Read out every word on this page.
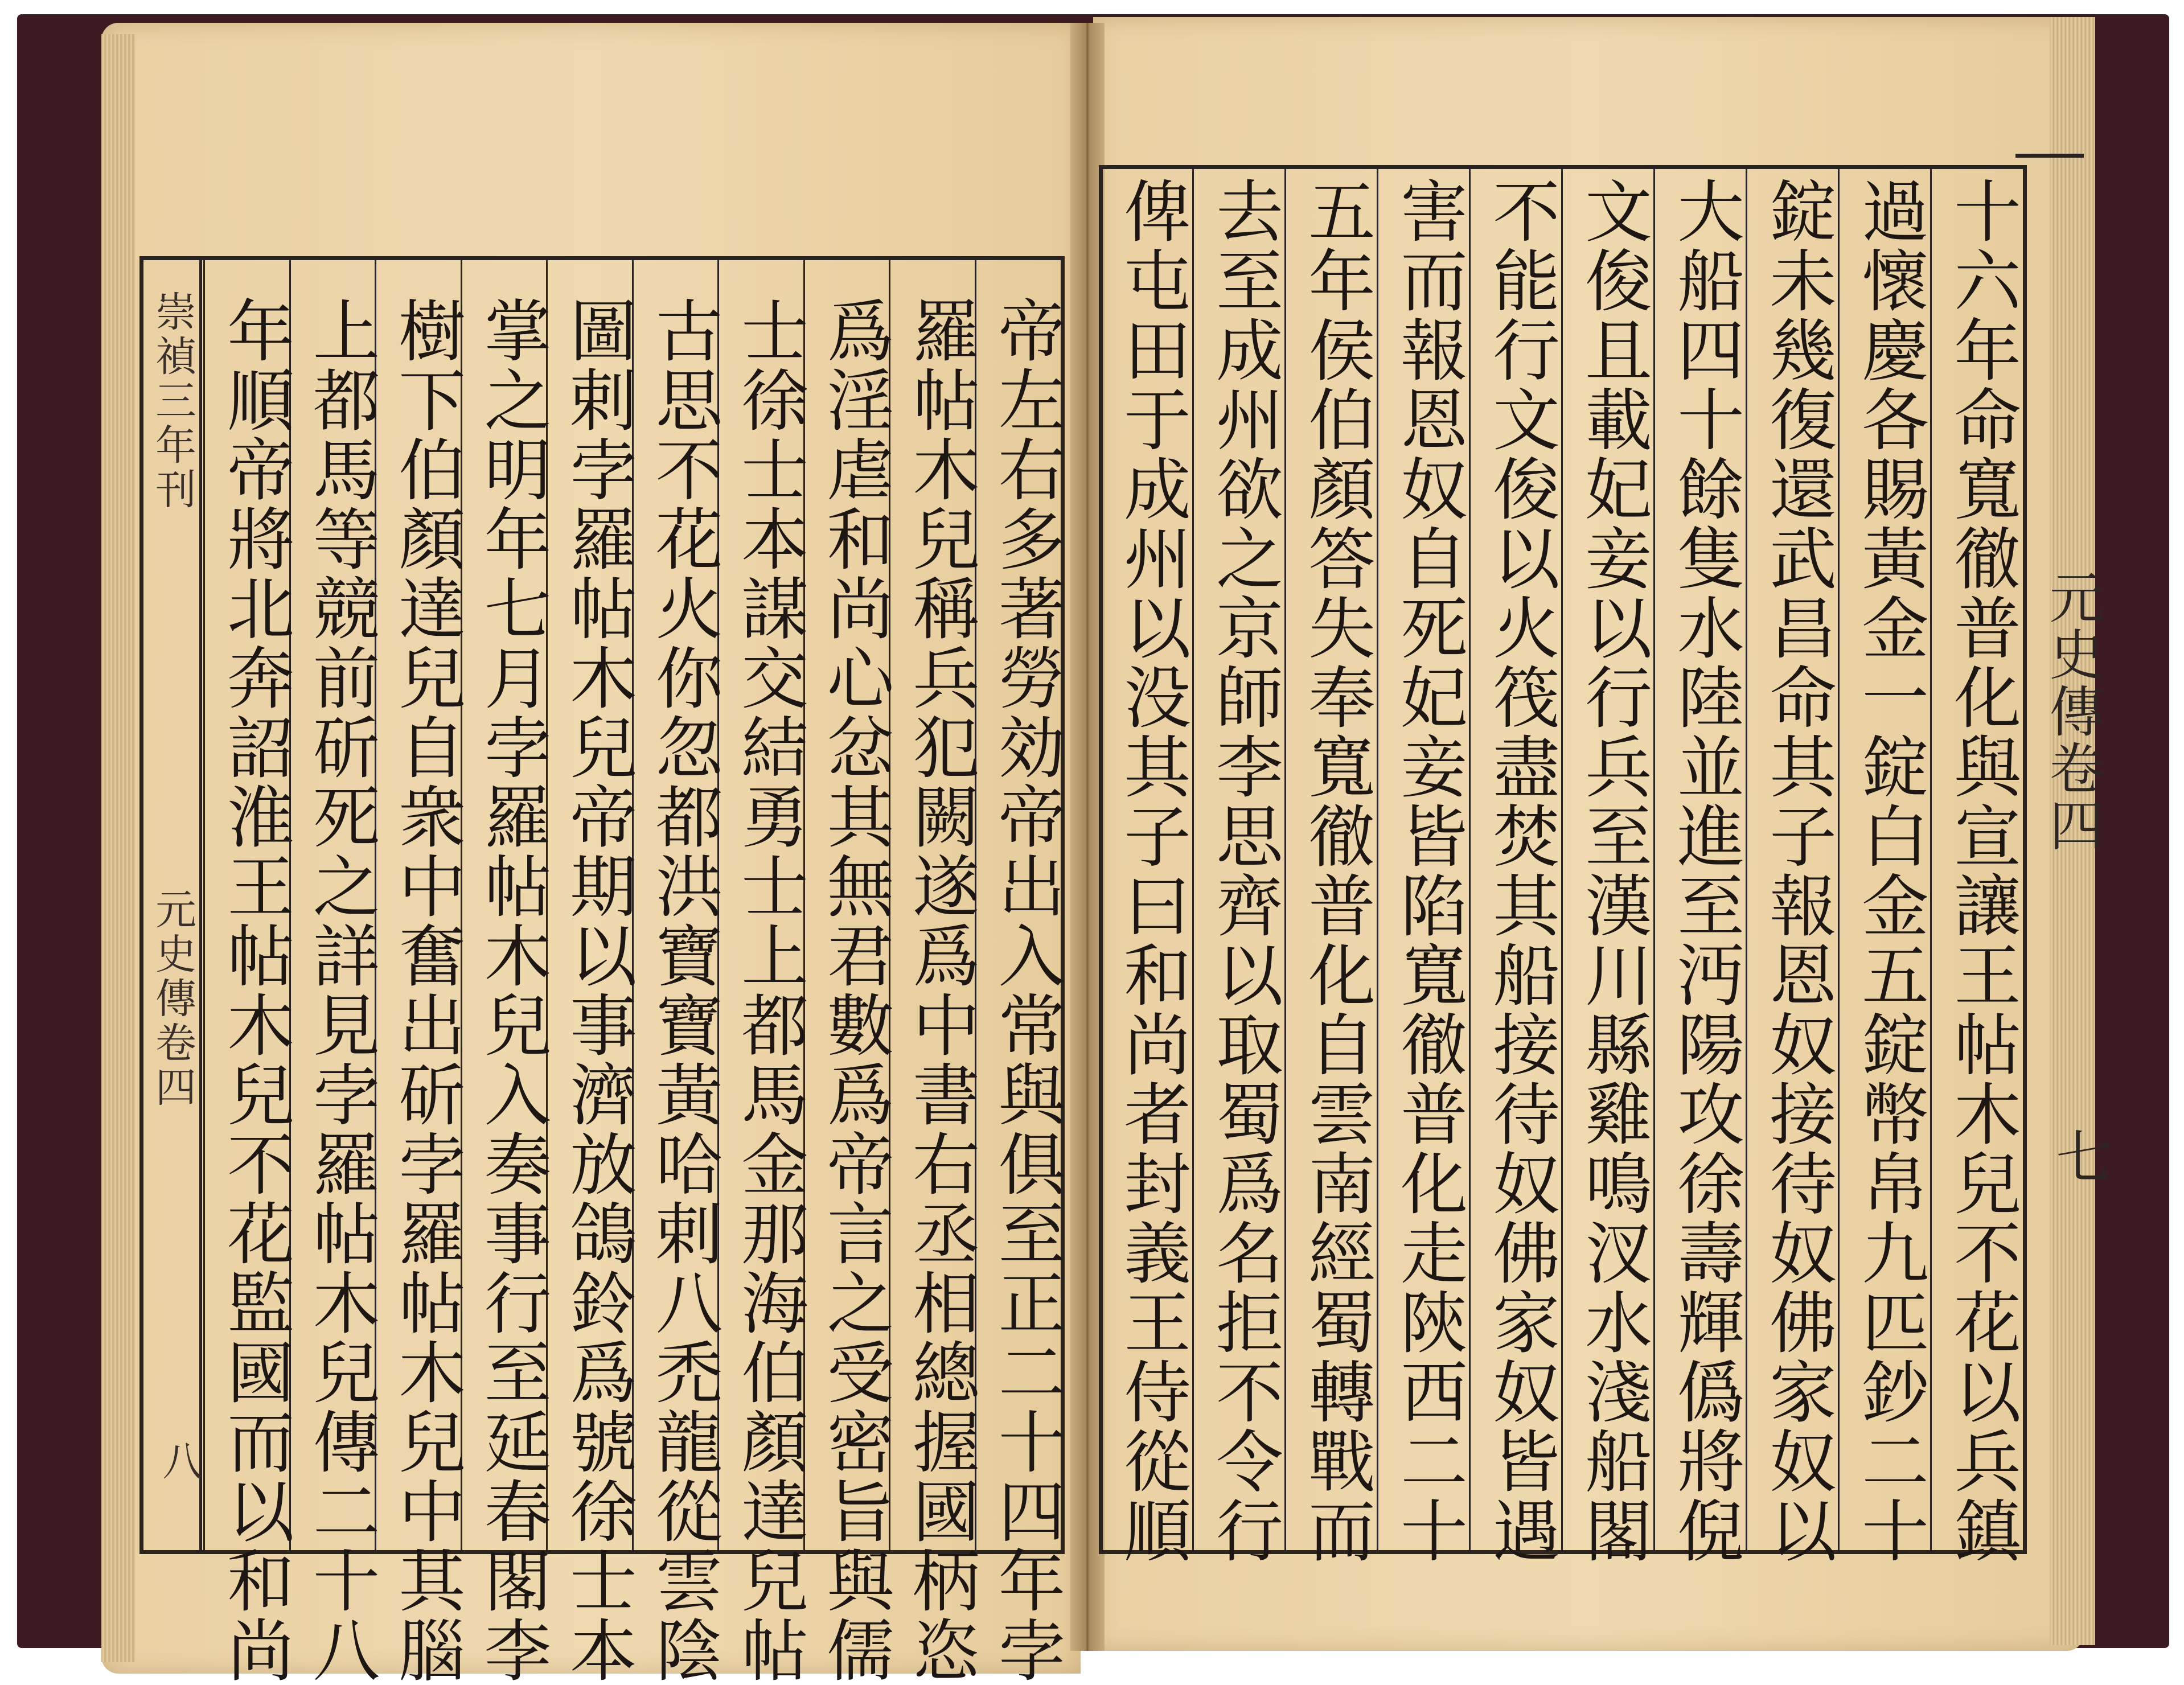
崇禎三年刊
元史傳卷四
八	帝左右多著勞効帝出入常與俱至正二十四年孛
羅帖木兒稱兵犯闕遂爲中書右丞相總握國柄恣
爲淫虐和尚心忿其無君數爲帝言之受密旨與儒
士徐士本謀交結勇士上都馬金那海伯顏達兒帖
古思不花火你忽都洪寶寶黃哈剌八禿龍從雲陰
圖剌孛羅帖木兒帝期以事濟放鴿鈴爲號徐士本
掌之明年七月孛羅帖木兒入奏事行至延春閣李
樹下伯顏達兒自衆中奮出斫孛羅帖木兒中其腦
上都馬等競前斫死之詳見孛羅帖木兒傳二十八
年順帝將北奔詔淮王帖木兒不花監國而以和尚	元史傳卷四
七
十六年命寬徹普化與宣讓王帖木兒不花以兵鎮
過懷慶各賜黃金一錠白金五錠幣帛九匹鈔二十
錠未幾復還武昌命其子報恩奴接待奴佛家奴以
大船四十餘隻水陸並進至沔陽攻徐壽輝僞將倪
文俊且載妃妾以行兵至漢川縣雞鳴汊水淺船閣
不能行文俊以火筏盡焚其船接待奴佛家奴皆遇
害而報恩奴自死妃妾皆陷寬徹普化走陝西二十
五年侯伯顏答失奉寬徹普化自雲南經蜀轉戰而
去至成州欲之京師李思齊以取蜀爲名拒不令行
俾屯田于成州以没其子曰和尚者封義王侍從順
